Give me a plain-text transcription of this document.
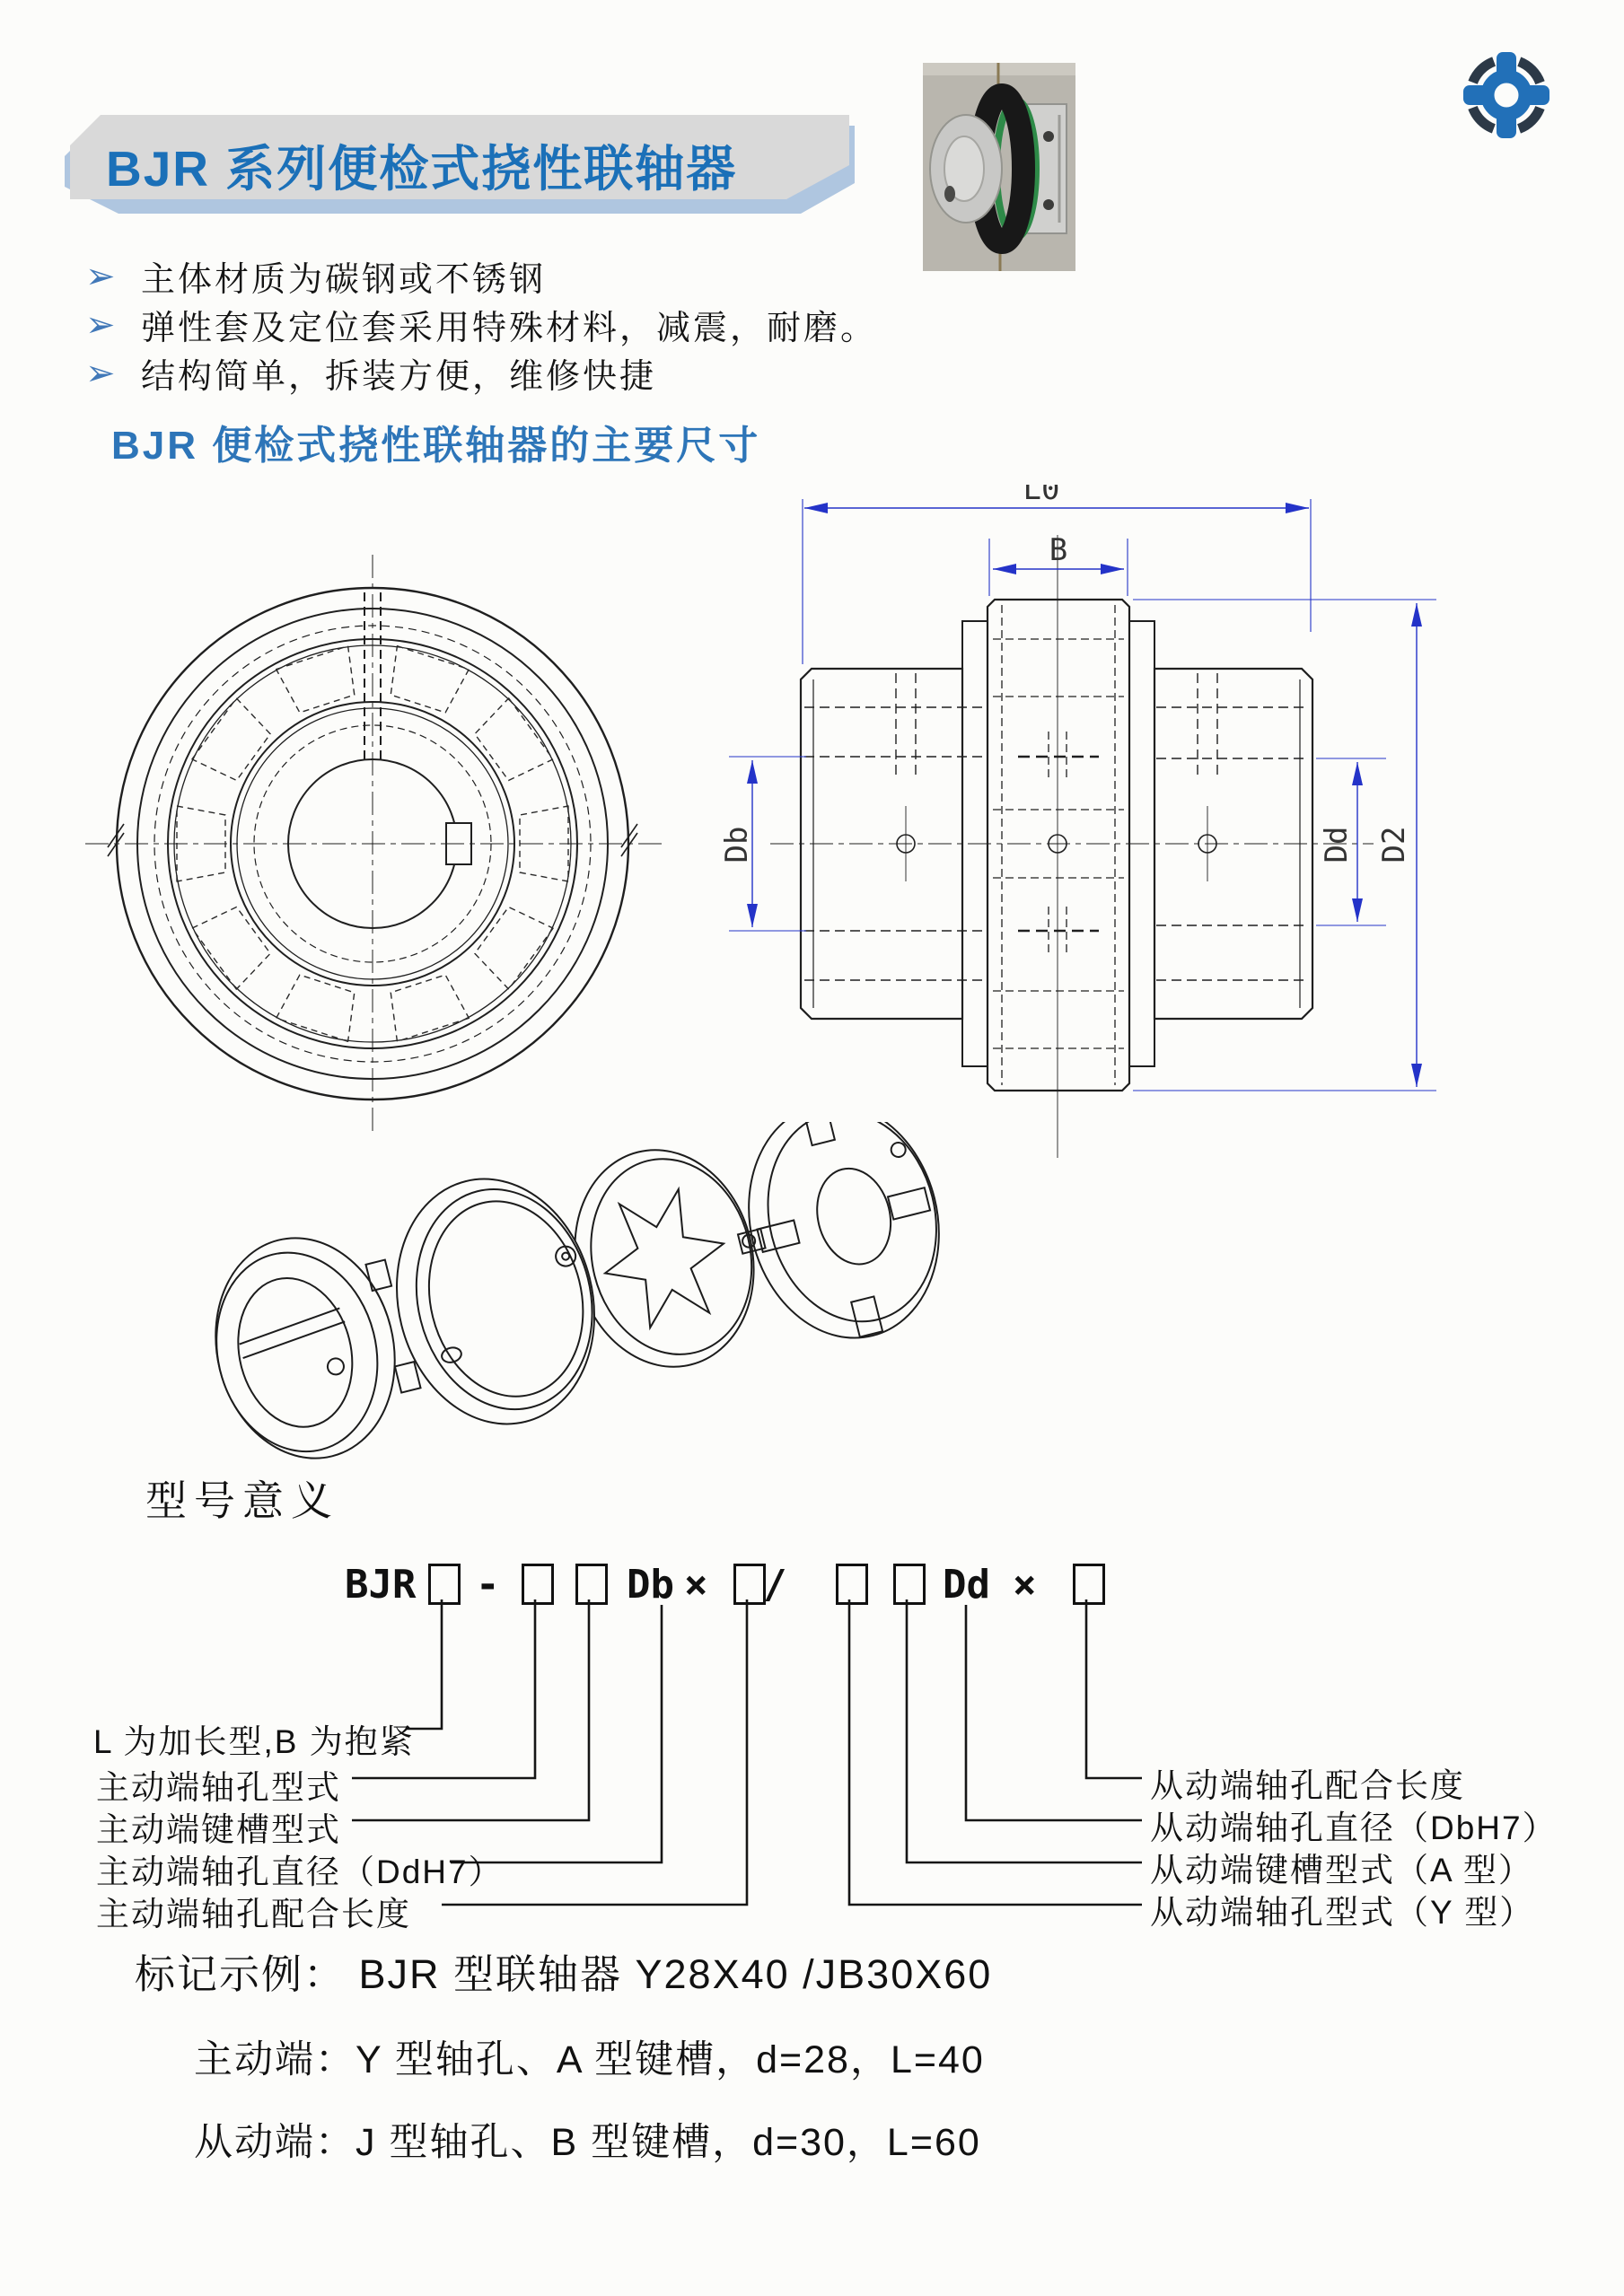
BJR 系列便检式挠性联轴器
➢ 主体材质为碳钢或不锈钢
➢ 弹性套及定位套采用特殊材料，减震，耐磨。
➢ 结构简单，拆装方便，维修快捷
BJR 便检式挠性联轴器的主要尺寸
L0
B
Db	Dd D2
型号意义
BJR -	Db × /	Dd ×
L 为加长型,B 为抱紧
主动端轴孔型式
主动端键槽型式
主动端轴孔直径（DdH7）
主动端轴孔配合长度
从动端轴孔配合长度
从动端轴孔直径（DbH7）
从动端键槽型式（A 型）
从动端轴孔型式（Y 型）
标记示例： BJR 型联轴器 Y28X40 /JB30X60
主动端：Y 型轴孔、A 型键槽，d=28，L=40
从动端：J 型轴孔、B 型键槽，d=30，L=60
